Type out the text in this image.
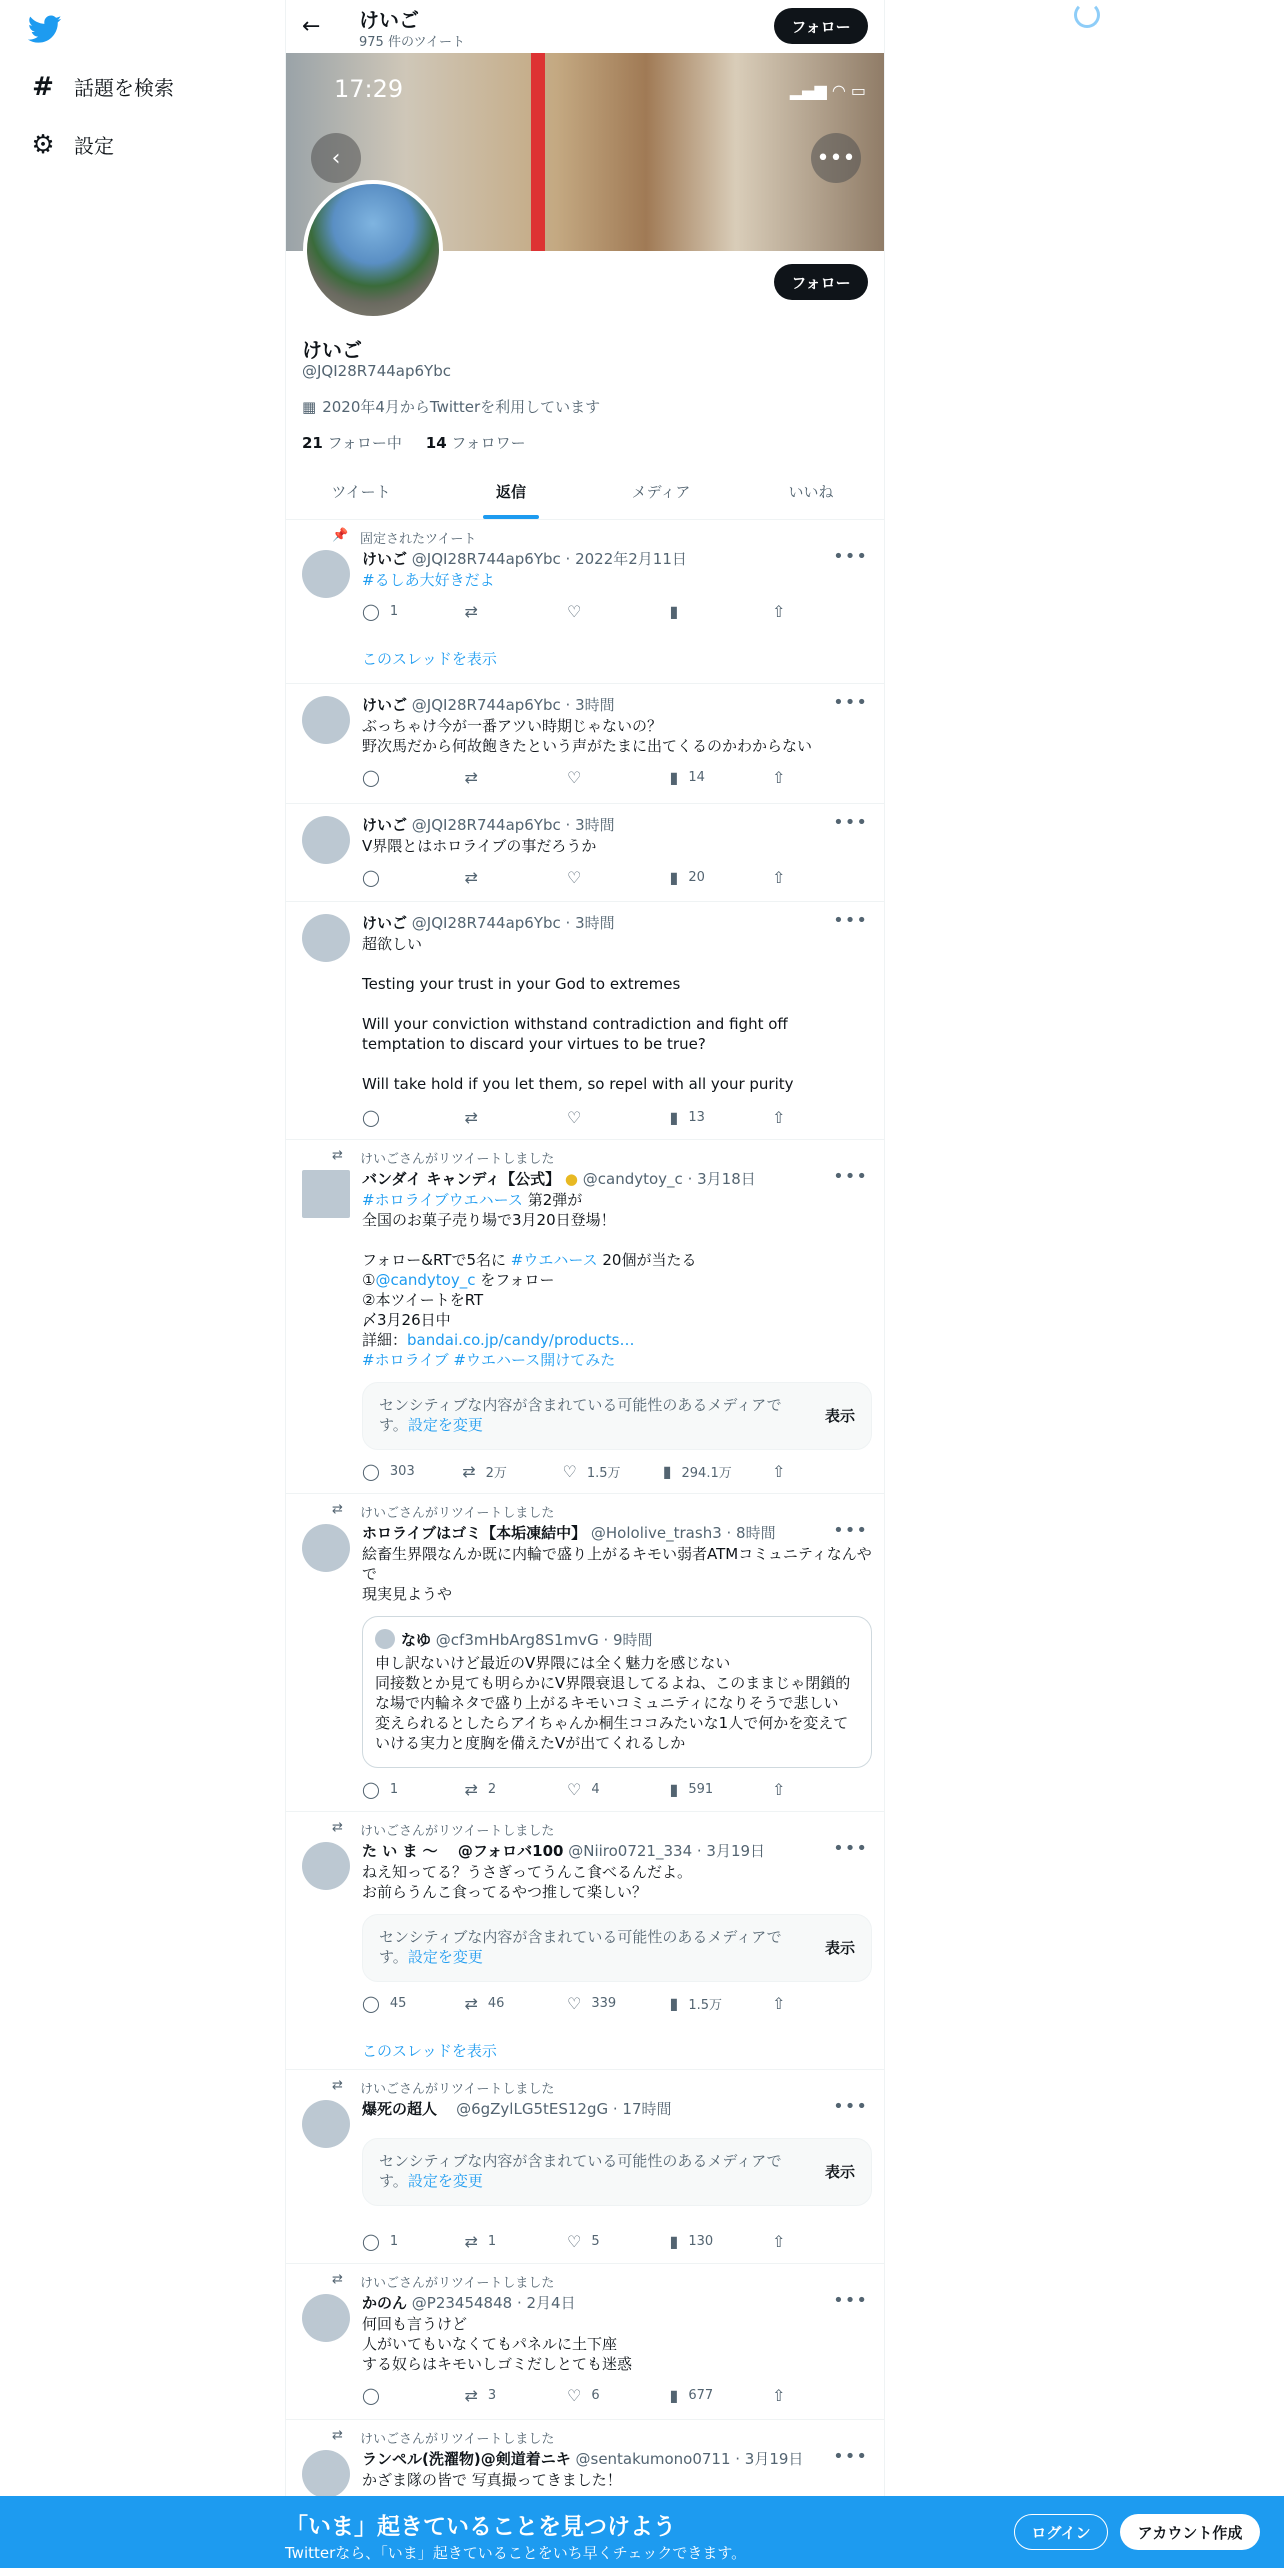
# 話題を検索
⚙ 設定
← けいご
975 件のツイート
フォロー
17:29	▂▄▆ ◠ ▭
‹	•••
フォロー
けいご
@JQI28R744ap6Ybc
▦ 2020年4月からTwitterを利用しています
21 フォロー中 14 フォロワー
ツイート	返信	メディア	いいね
📌 固定されたツイート
けいご @JQI28R744ap6Ybc · 2022年2月11日	•••
#るしあ大好きだよ
◯ 1	⇄	♡	▮	⇧
このスレッドを表示
けいご @JQI28R744ap6Ybc · 3時間	•••
ぶっちゃけ今が一番アツい時期じゃないの？
野次馬だから何故飽きたという声がたまに出てくるのかわからない
◯	⇄	♡	▮ 14	⇧
けいご @JQI28R744ap6Ybc · 3時間	•••
V界隈とはホロライブの事だろうか
◯	⇄	♡	▮ 20	⇧
けいご @JQI28R744ap6Ybc · 3時間	•••
超欲しい

Testing your trust in your God to extremes

Will your conviction withstand contradiction and fight off temptation to discard your virtues to be true?

Will take hold if you let them, so repel with all your purity
◯	⇄	♡	▮ 13	⇧
⇄ けいごさんがリツイートしました
バンダイ キャンディ【公式】 ● @candytoy_c · 3月18日	•••
#ホロライブウエハース 第2弾が
全国のお菓子売り場で3月20日登場！
フォロー&RTで5名に #ウエハース 20個が当たる
①@candytoy_c をフォロー
②本ツイートをRT
〆3月26日中
詳細：bandai.co.jp/candy/products…
#ホロライブ #ウエハース開けてみた
センシティブな内容が含まれている可能性のあるメディアです。設定を変更	表示
◯ 303	⇄ 2万	♡ 1.5万	▮ 294.1万	⇧
⇄ けいごさんがリツイートしました
ホロライブはゴミ【本垢凍結中】 @Hololive_trash3 · 8時間	•••
絵畜生界隈なんか既に内輪で盛り上がるキモい弱者ATMコミュニティなんやで
現実見ようや
なゆ @cf3mHbArg8S1mvG · 9時間
申し訳ないけど最近のV界隈には全く魅力を感じない
同接数とか見ても明らかにV界隈衰退してるよね、このままじゃ閉鎖的な場で内輪ネタで盛り上がるキモいコミュニティになりそうで悲しい
変えられるとしたらアイちゃんか桐生ココみたいな1人で何かを変えていける実力と度胸を備えたVが出てくれるしか
◯ 1	⇄ 2	♡ 4	▮ 591	⇧
⇄ けいごさんがリツイートしました
た い ま 〜　 @フォロバ100 @Niiro0721_334 · 3月19日	•••
ねえ知ってる？うさぎってうんこ食べるんだよ。
お前らうんこ食ってるやつ推して楽しい？
センシティブな内容が含まれている可能性のあるメディアです。設定を変更	表示
◯ 45	⇄ 46	♡ 339	▮ 1.5万	⇧
このスレッドを表示
⇄ けいごさんがリツイートしました
爆死の超人 @6gZylLG5tES12gG · 17時間	•••
センシティブな内容が含まれている可能性のあるメディアです。設定を変更	表示
◯ 1	⇄ 1	♡ 5	▮ 130	⇧
⇄ けいごさんがリツイートしました
かのん @P23454848 · 2月4日	•••
何回も言うけど
人がいてもいなくてもパネルに土下座
する奴らはキモいしゴミだしとても迷惑
◯	⇄ 3	♡ 6	▮ 677	⇧
⇄ けいごさんがリツイートしました
ランペル(洗濯物)@剣道着ニキ @sentakumono0711 · 3月19日 •••
かざま隊の皆で 写真撮ってきました！
「いま」起きていることを見つけよう
Twitterなら、「いま」起きていることをいち早くチェックできます。
ログイン	アカウント作成
